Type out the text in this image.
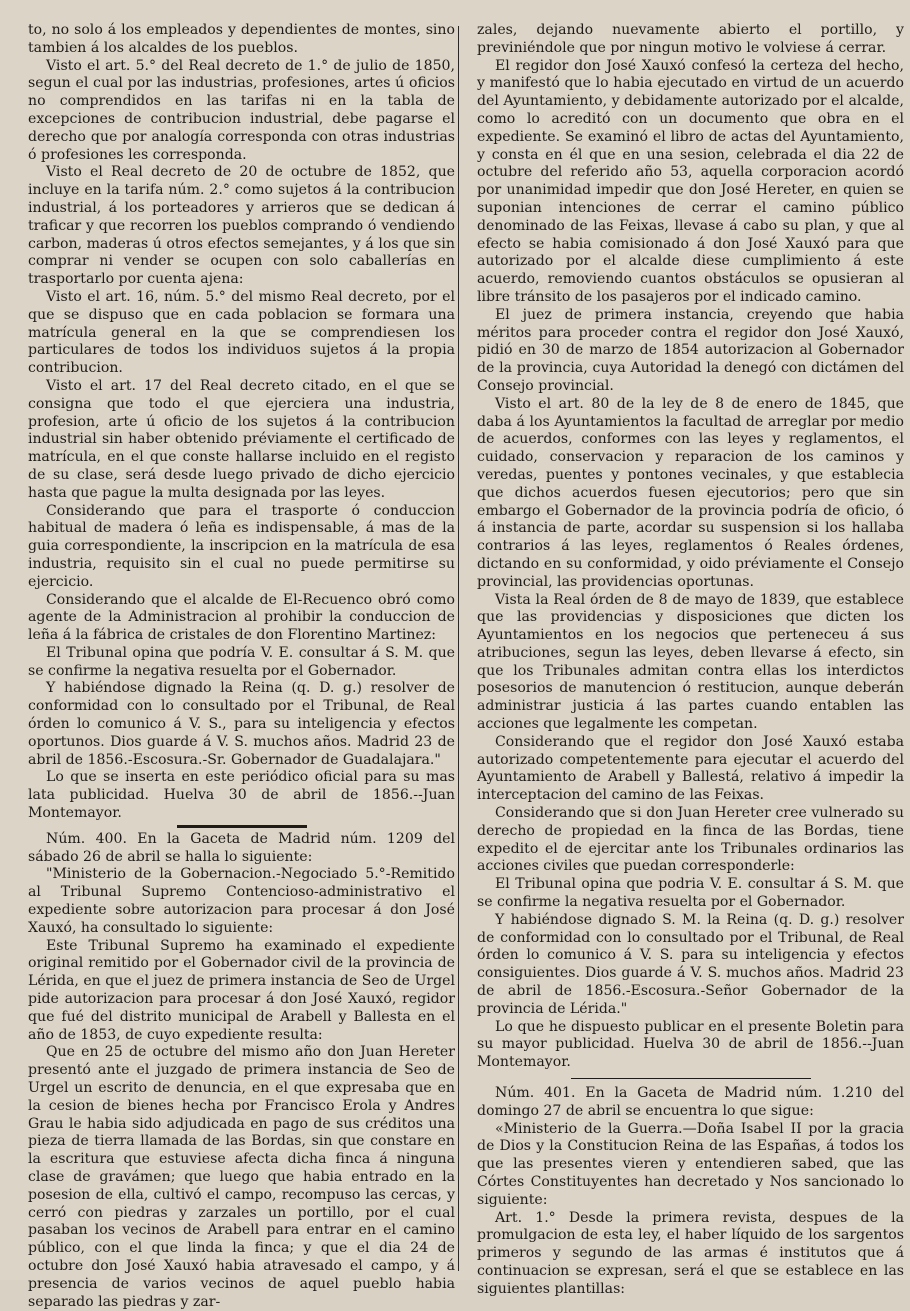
to, no solo á los empleados y dependientes de montes, sino tambien á los alcaldes de los pueblos.

Visto el art. 5.° del Real decreto de 1.° de julio de 1850, segun el cual por las industrias, profesiones, artes ú oficios no comprendidos en las tarifas ni en la tabla de excepciones de contribucion industrial, debe pagarse el derecho que por analogía corresponda con otras industrias ó profesiones les corresponda.

Visto el Real decreto de 20 de octubre de 1852, que incluye en la tarifa núm. 2.° como sujetos á la contribucion industrial, á los porteadores y arrieros que se dedican á traficar y que recorren los pueblos comprando ó vendiendo carbon, maderas ú otros efectos semejantes, y á los que sin comprar ni vender se ocupen con solo caballerías en trasportarlo por cuenta ajena:

Visto el art. 16, núm. 5.° del mismo Real decreto, por el que se dispuso que en cada poblacion se formara una matrícula general en la que se comprendiesen los particulares de todos los individuos sujetos á la propia contribucion.

Visto el art. 17 del Real decreto citado, en el que se consigna que todo el que ejerciera una industria, profesion, arte ú oficio de los sujetos á la contribucion industrial sin haber obtenido préviamente el certificado de matrícula, en el que conste hallarse incluido en el registo de su clase, será desde luego privado de dicho ejercicio hasta que pague la multa designada por las leyes.

Considerando que para el trasporte ó conduccion habitual de madera ó leña es indispensable, á mas de la guia correspondiente, la inscripcion en la matrícula de esa industria, requisito sin el cual no puede permitirse su ejercicio.

Considerando que el alcalde de El-Recuenco obró como agente de la Administracion al prohibir la conduccion de leña á la fábrica de cristales de don Florentino Martinez:

El Tribunal opina que podría V. E. consultar á S. M. que se confirme la negativa resuelta por el Gobernador.

Y habiéndose dignado la Reina (q. D. g.) resolver de conformidad con lo consultado por el Tribunal, de Real órden lo comunico á V. S., para su inteligencia y efectos oportunos. Dios guarde á V. S. muchos años. Madrid 23 de abril de 1856.-Escosura.-Sr. Gobernador de Guadalajara."

Lo que se inserta en este periódico oficial para su mas lata publicidad. Huelva 30 de abril de 1856.--Juan Montemayor.

Núm. 400. En la Gaceta de Madrid núm. 1209 del sábado 26 de abril se halla lo siguiente:

"Ministerio de la Gobernacion.-Negociado 5.°-Remitido al Tribunal Supremo Contencioso-administrativo el expediente sobre autorizacion para procesar á don José Xauxó, ha consultado lo siguiente:

Este Tribunal Supremo ha examinado el expediente original remitido por el Gobernador civil de la provincia de Lérida, en que el juez de primera instancia de Seo de Urgel pide autorizacion para procesar á don José Xauxó, regidor que fué del distrito municipal de Arabell y Ballesta en el año de 1853, de cuyo expediente resulta:

Que en 25 de octubre del mismo año don Juan Hereter presentó ante el juzgado de primera instancia de Seo de Urgel un escrito de denuncia, en el que expresaba que en la cesion de bienes hecha por Francisco Erola y Andres Grau le habia sido adjudicada en pago de sus créditos una pieza de tierra llamada de las Bordas, sin que constare en la escritura que estuviese afecta dicha finca á ninguna clase de gravámen; que luego que habia entrado en la posesion de ella, cultivó el campo, recompuso las cercas, y cerró con piedras y zarzales un portillo, por el cual pasaban los vecinos de Arabell para entrar en el camino público, con el que linda la finca; y que el dia 24 de octubre don José Xauxó habia atravesado el campo, y á presencia de varios vecinos de aquel pueblo habia separado las piedras y zar-

zales, dejando nuevamente abierto el portillo, y previniéndole que por ningun motivo le volviese á cerrar.

El regidor don José Xauxó confesó la certeza del hecho, y manifestó que lo habia ejecutado en virtud de un acuerdo del Ayuntamiento, y debidamente autorizado por el alcalde, como lo acreditó con un documento que obra en el expediente. Se examinó el libro de actas del Ayuntamiento, y consta en él que en una sesion, celebrada el dia 22 de octubre del referido año 53, aquella corporacion acordó por unanimidad impedir que don José Hereter, en quien se suponian intenciones de cerrar el camino público denominado de las Feixas, llevase á cabo su plan, y que al efecto se habia comisionado á don José Xauxó para que autorizado por el alcalde diese cumplimiento á este acuerdo, removiendo cuantos obstáculos se opusieran al libre tránsito de los pasajeros por el indicado camino.

El juez de primera instancia, creyendo que habia méritos para proceder contra el regidor don José Xauxó, pidió en 30 de marzo de 1854 autorizacion al Gobernador de la provincia, cuya Autoridad la denegó con dictámen del Consejo provincial.

Visto el art. 80 de la ley de 8 de enero de 1845, que daba á los Ayuntamientos la facultad de arreglar por medio de acuerdos, conformes con las leyes y reglamentos, el cuidado, conservacion y reparacion de los caminos y veredas, puentes y pontones vecinales, y que establecia que dichos acuerdos fuesen ejecutorios; pero que sin embargo el Gobernador de la provincia podría de oficio, ó á instancia de parte, acordar su suspension si los hallaba contrarios á las leyes, reglamentos ó Reales órdenes, dictando en su conformidad, y oido préviamente el Consejo provincial, las providencias oportunas.

Vista la Real órden de 8 de mayo de 1839, que establece que las providencias y disposiciones que dicten los Ayuntamientos en los negocios que perteneceu á sus atribuciones, segun las leyes, deben llevarse á efecto, sin que los Tribunales admitan contra ellas los interdictos posesorios de manutencion ó restitucion, aunque deberán administrar justicia á las partes cuando entablen las acciones que legalmente les competan.

Considerando que el regidor don José Xauxó estaba autorizado competentemente para ejecutar el acuerdo del Ayuntamiento de Arabell y Ballestá, relativo á impedir la interceptacion del camino de las Feixas.

Considerando que si don Juan Hereter cree vulnerado su derecho de propiedad en la finca de las Bordas, tiene expedito el de ejercitar ante los Tribunales ordinarios las acciones civiles que puedan corresponderle:

El Tribunal opina que podria V. E. consultar á S. M. que se confirme la negativa resuelta por el Gobernador.

Y habiéndose dignado S. M. la Reina (q. D. g.) resolver de conformidad con lo consultado por el Tribunal, de Real órden lo comunico á V. S. para su inteligencia y efectos consiguientes. Dios guarde á V. S. muchos años. Madrid 23 de abril de 1856.-Escosura.-Señor Gobernador de la provincia de Lérida."

Lo que he dispuesto publicar en el presente Boletin para su mayor publicidad. Huelva 30 de abril de 1856.--Juan Montemayor.

Núm. 401. En la Gaceta de Madrid núm. 1.210 del domingo 27 de abril se encuentra lo que sigue:

«Ministerio de la Guerra.—Doña Isabel II por la gracia de Dios y la Constitucion Reina de las Españas, á todos los que las presentes vieren y entendieren sabed, que las Córtes Constituyentes han decretado y Nos sancionado lo siguiente:

Art. 1.° Desde la primera revista, despues de la promulgacion de esta ley, el haber líquido de los sargentos primeros y segundo de las armas é institutos que á continuacion se expresan, será el que se establece en las siguientes plantillas:
